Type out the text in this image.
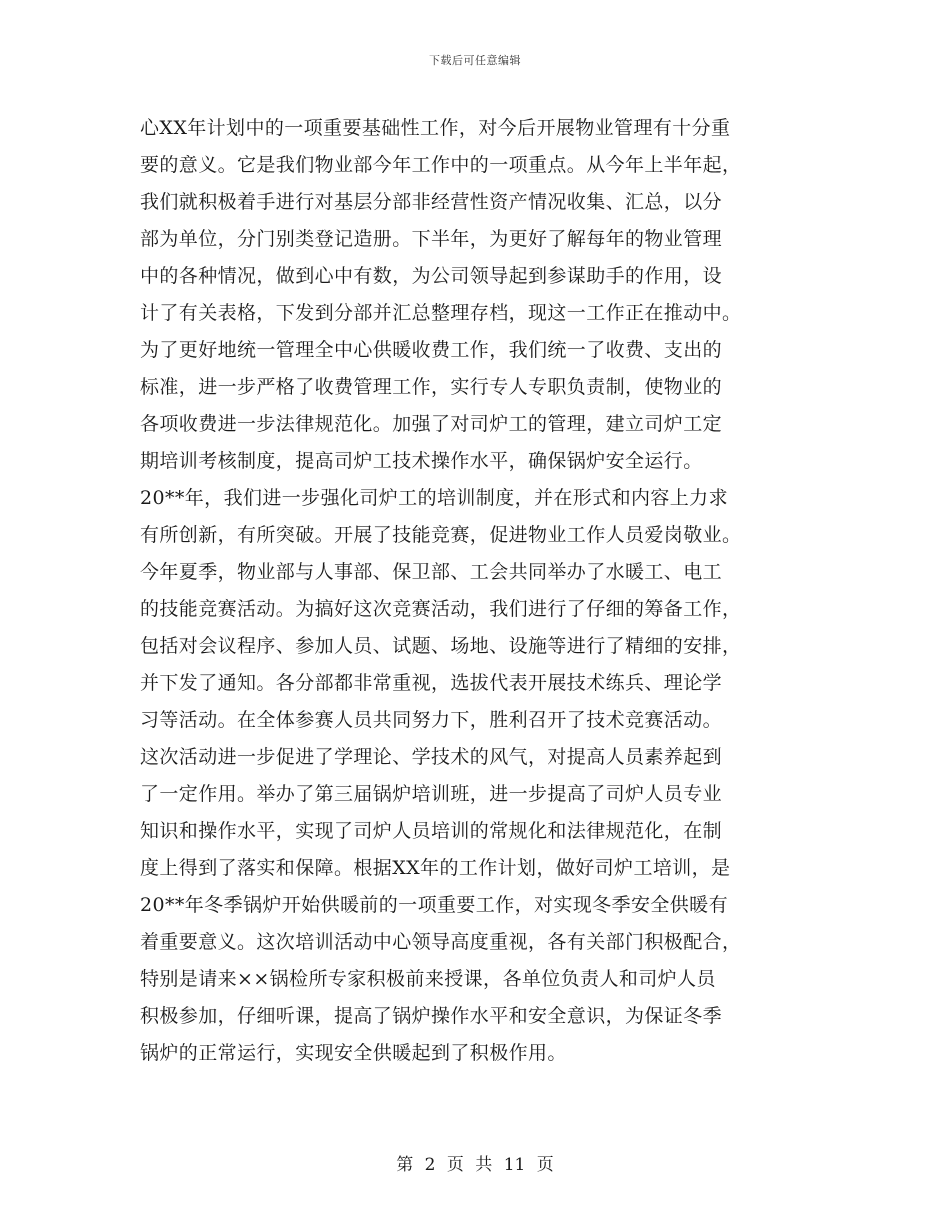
下载后可任意编辑
心XX年计划中的一项重要基础性工作，对今后开展物业管理有十分重
要的意义。它是我们物业部今年工作中的一项重点。从今年上半年起，
我们就积极着手进行对基层分部非经营性资产情况收集、汇总，以分
部为单位，分门别类登记造册。下半年，为更好了解每年的物业管理
中的各种情况，做到心中有数，为公司领导起到参谋助手的作用，设
计了有关表格，下发到分部并汇总整理存档，现这一工作正在推动中。
为了更好地统一管理全中心供暖收费工作，我们统一了收费、支出的
标准，进一步严格了收费管理工作，实行专人专职负责制，使物业的
各项收费进一步法律规范化。加强了对司炉工的管理，建立司炉工定
期培训考核制度，提高司炉工技术操作水平，确保锅炉安全运行。
20**年，我们进一步强化司炉工的培训制度，并在形式和内容上力求
有所创新，有所突破。开展了技能竞赛，促进物业工作人员爱岗敬业。
今年夏季，物业部与人事部、保卫部、工会共同举办了水暖工、电工
的技能竞赛活动。为搞好这次竞赛活动，我们进行了仔细的筹备工作，
包括对会议程序、参加人员、试题、场地、设施等进行了精细的安排，
并下发了通知。各分部都非常重视，选拔代表开展技术练兵、理论学
习等活动。在全体参赛人员共同努力下，胜利召开了技术竞赛活动。
这次活动进一步促进了学理论、学技术的风气，对提高人员素养起到
了一定作用。举办了第三届锅炉培训班，进一步提高了司炉人员专业
知识和操作水平，实现了司炉人员培训的常规化和法律规范化，在制
度上得到了落实和保障。根据XX年的工作计划，做好司炉工培训，是
20**年冬季锅炉开始供暖前的一项重要工作，对实现冬季安全供暖有
着重要意义。这次培训活动中心领导高度重视，各有关部门积极配合，
特别是请来××锅检所专家积极前来授课，各单位负责人和司炉人员
积极参加，仔细听课，提高了锅炉操作水平和安全意识，为保证冬季
锅炉的正常运行，实现安全供暖起到了积极作用。
第 2 页 共 11 页
